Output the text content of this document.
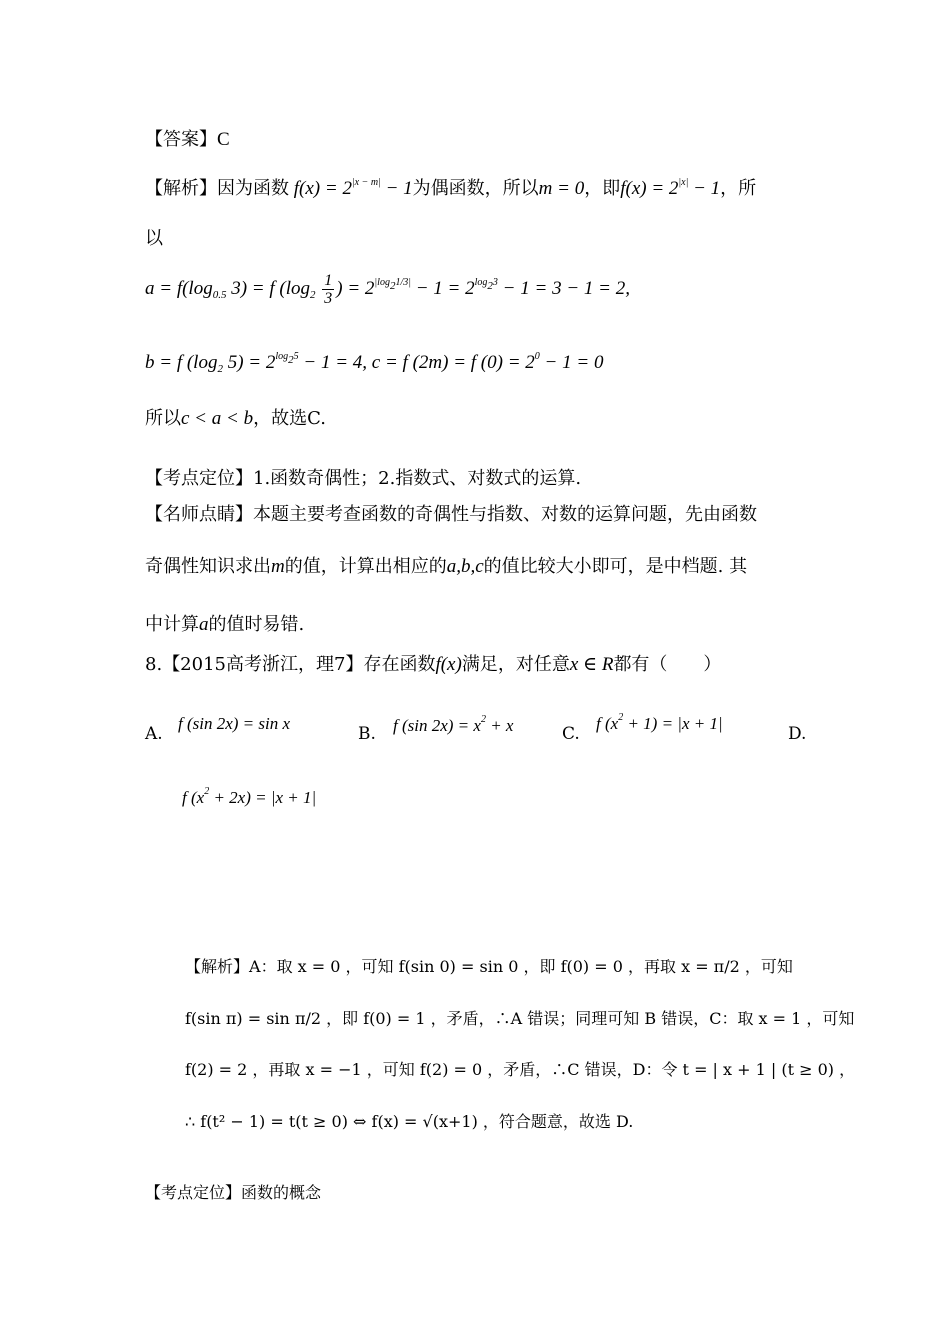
【答案】C
【解析】因为函数 $f(x) = 2^{|x - m|} - 1$为偶函数，所以m = 0，即$f(x) = 2^{|x|} - 1$，所
以
$a = f(\log_{0.5}$ 3) = f ($\log_2 \frac{1}{3}$ ) = $2^{|log_21/3|} - 1 = 2^{log_23} - 1 = 3 - 1 = 2$,
b = f ($\log_2$ $5) = 2^{log_25} - 1 = 4$, c = f (2m) = f $(0) = 2^0 - 1 = 0$
所以c < a < b，故选C.
【考点定位】1.函数奇偶性；2.指数式、对数式的运算.
【名师点睛】本题主要考查函数的奇偶性与指数、对数的运算问题，先由函数
奇偶性知识求出m的值，计算出相应的a,b,c的值比较大小即可，是中档题. 其
中计算a的值时易错.
8.【2015高考浙江，理7】存在函数f(x)满足，对任意x ∈ R都有（　　）
A.
f (sin 2x) = sin x
B. f (sin $2x) = x^2 + x$	C.
f $(x^2 + 1) = |x + 1|$
D.
f $(x^2 + 2x) = |x + 1|$
【解析】A：取 x = 0 ，可知 f(sin 0) = sin 0 ，即 f(0) = 0 ，再取 x = π/2 ，可知
f(sin π) = sin π/2 ，即 f(0) = 1 ，矛盾，∴A 错误；同理可知 B 错误，C：取 x = 1 ，可知
f(2) = 2 ，再取 x = −1 ，可知 f(2) = 0 ，矛盾，∴C 错误，D：令 t = | x + 1 | (t ≥ 0) ，
∴ f(t² − 1) = t(t ≥ 0) ⇔ f(x) = √(x+1) ，符合题意，故选 D.
【考点定位】函数的概念
